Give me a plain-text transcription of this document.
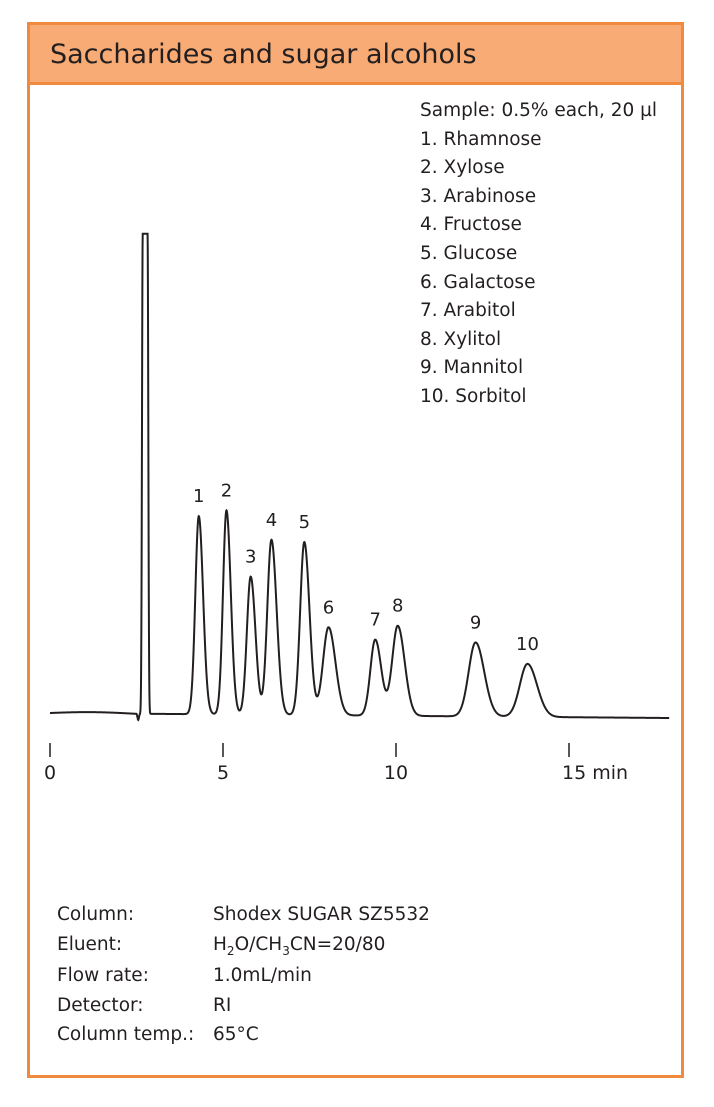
Saccharides and sugar alcohols
Sample: 0.5% each, 20 µl
1. Rhamnose
2. Xylose
3. Arabinose
4. Fructose
5. Glucose
6. Galactose
7. Arabitol
8. Xylitol
9. Mannitol
10. Sorbitol
Column:	Shodex SUGAR SZ5532
Eluent:	$H_2O/CH_3CN=20/80$
Flow rate:	1.0mL/min
Detector:	RI
Column temp.:	65°C
1 2
3
4 5
6
7
8
9
10
0	5	10	15 min
